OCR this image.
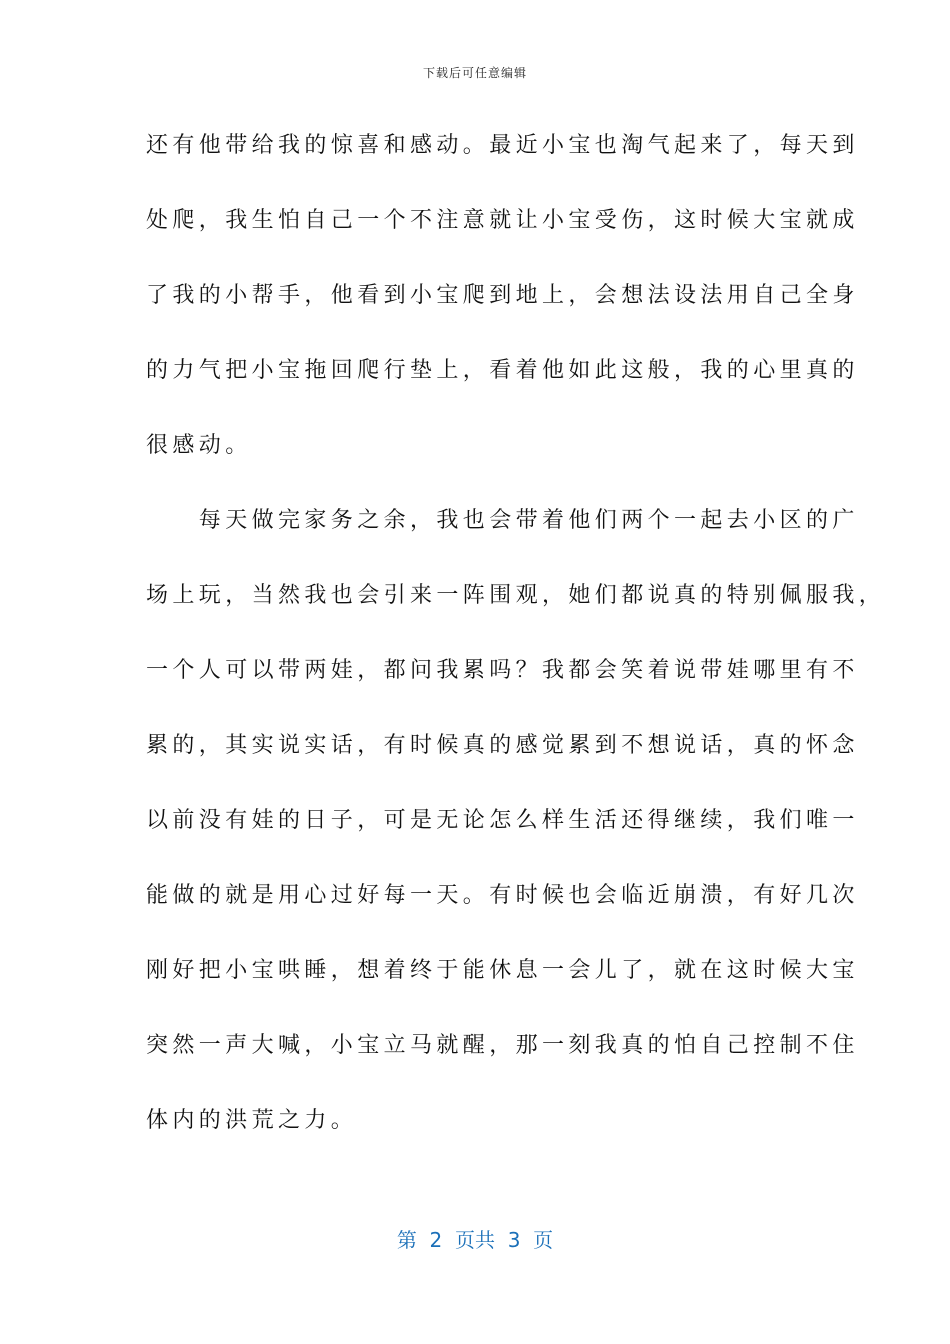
下载后可任意编辑
还有他带给我的惊喜和感动。最近小宝也淘气起来了，每天到
处爬，我生怕自己一个不注意就让小宝受伤，这时候大宝就成
了我的小帮手，他看到小宝爬到地上，会想法设法用自己全身
的力气把小宝拖回爬行垫上，看着他如此这般，我的心里真的
很感动。
　　每天做完家务之余，我也会带着他们两个一起去小区的广
场上玩，当然我也会引来一阵围观，她们都说真的特别佩服我，
一个人可以带两娃，都问我累吗？我都会笑着说带娃哪里有不
累的，其实说实话，有时候真的感觉累到不想说话，真的怀念
以前没有娃的日子，可是无论怎么样生活还得继续，我们唯一
能做的就是用心过好每一天。有时候也会临近崩溃，有好几次
刚好把小宝哄睡，想着终于能休息一会儿了，就在这时候大宝
突然一声大喊，小宝立马就醒，那一刻我真的怕自己控制不住
体内的洪荒之力。
第  2  页共  3  页
